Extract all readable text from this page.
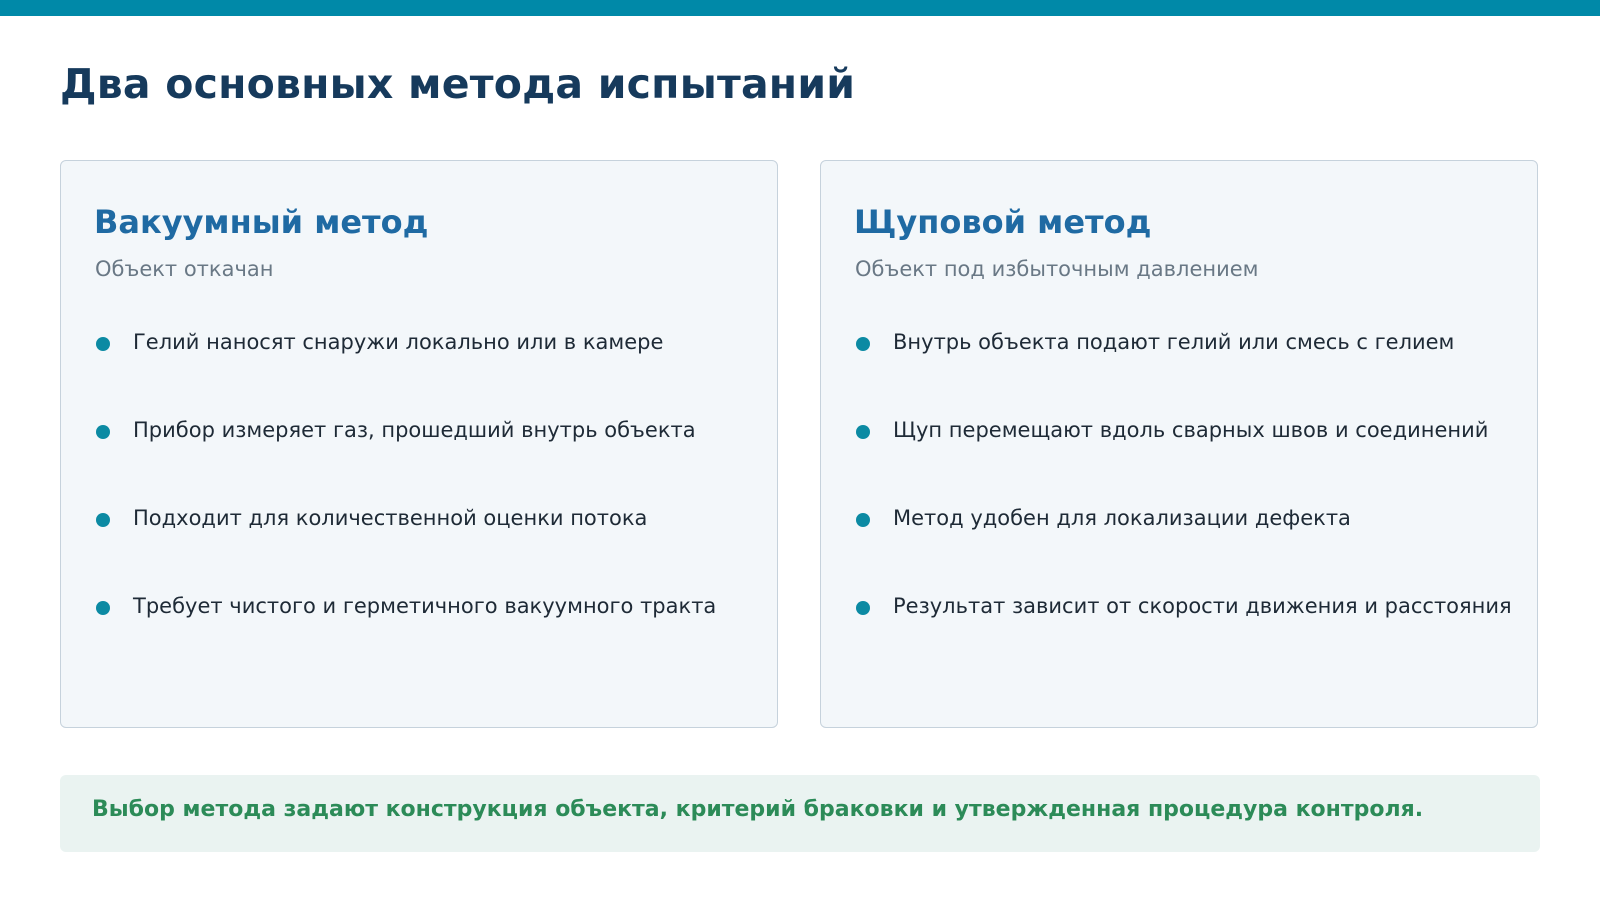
Два основных метода испытаний
Вакуумный метод

Объект откачан

Гелий наносят снаружи локально или в камере
Прибор измеряет газ, прошедший внутрь объекта
Подходит для количественной оценки потока
Требует чистого и герметичного вакуумного тракта
Щуповой метод

Объект под избыточным давлением

Внутрь объекта подают гелий или смесь с гелием
Щуп перемещают вдоль сварных швов и соединений
Метод удобен для локализации дефекта
Результат зависит от скорости движения и расстояния
Выбор метода задают конструкция объекта, критерий браковки и утвержденная процедура контроля.
